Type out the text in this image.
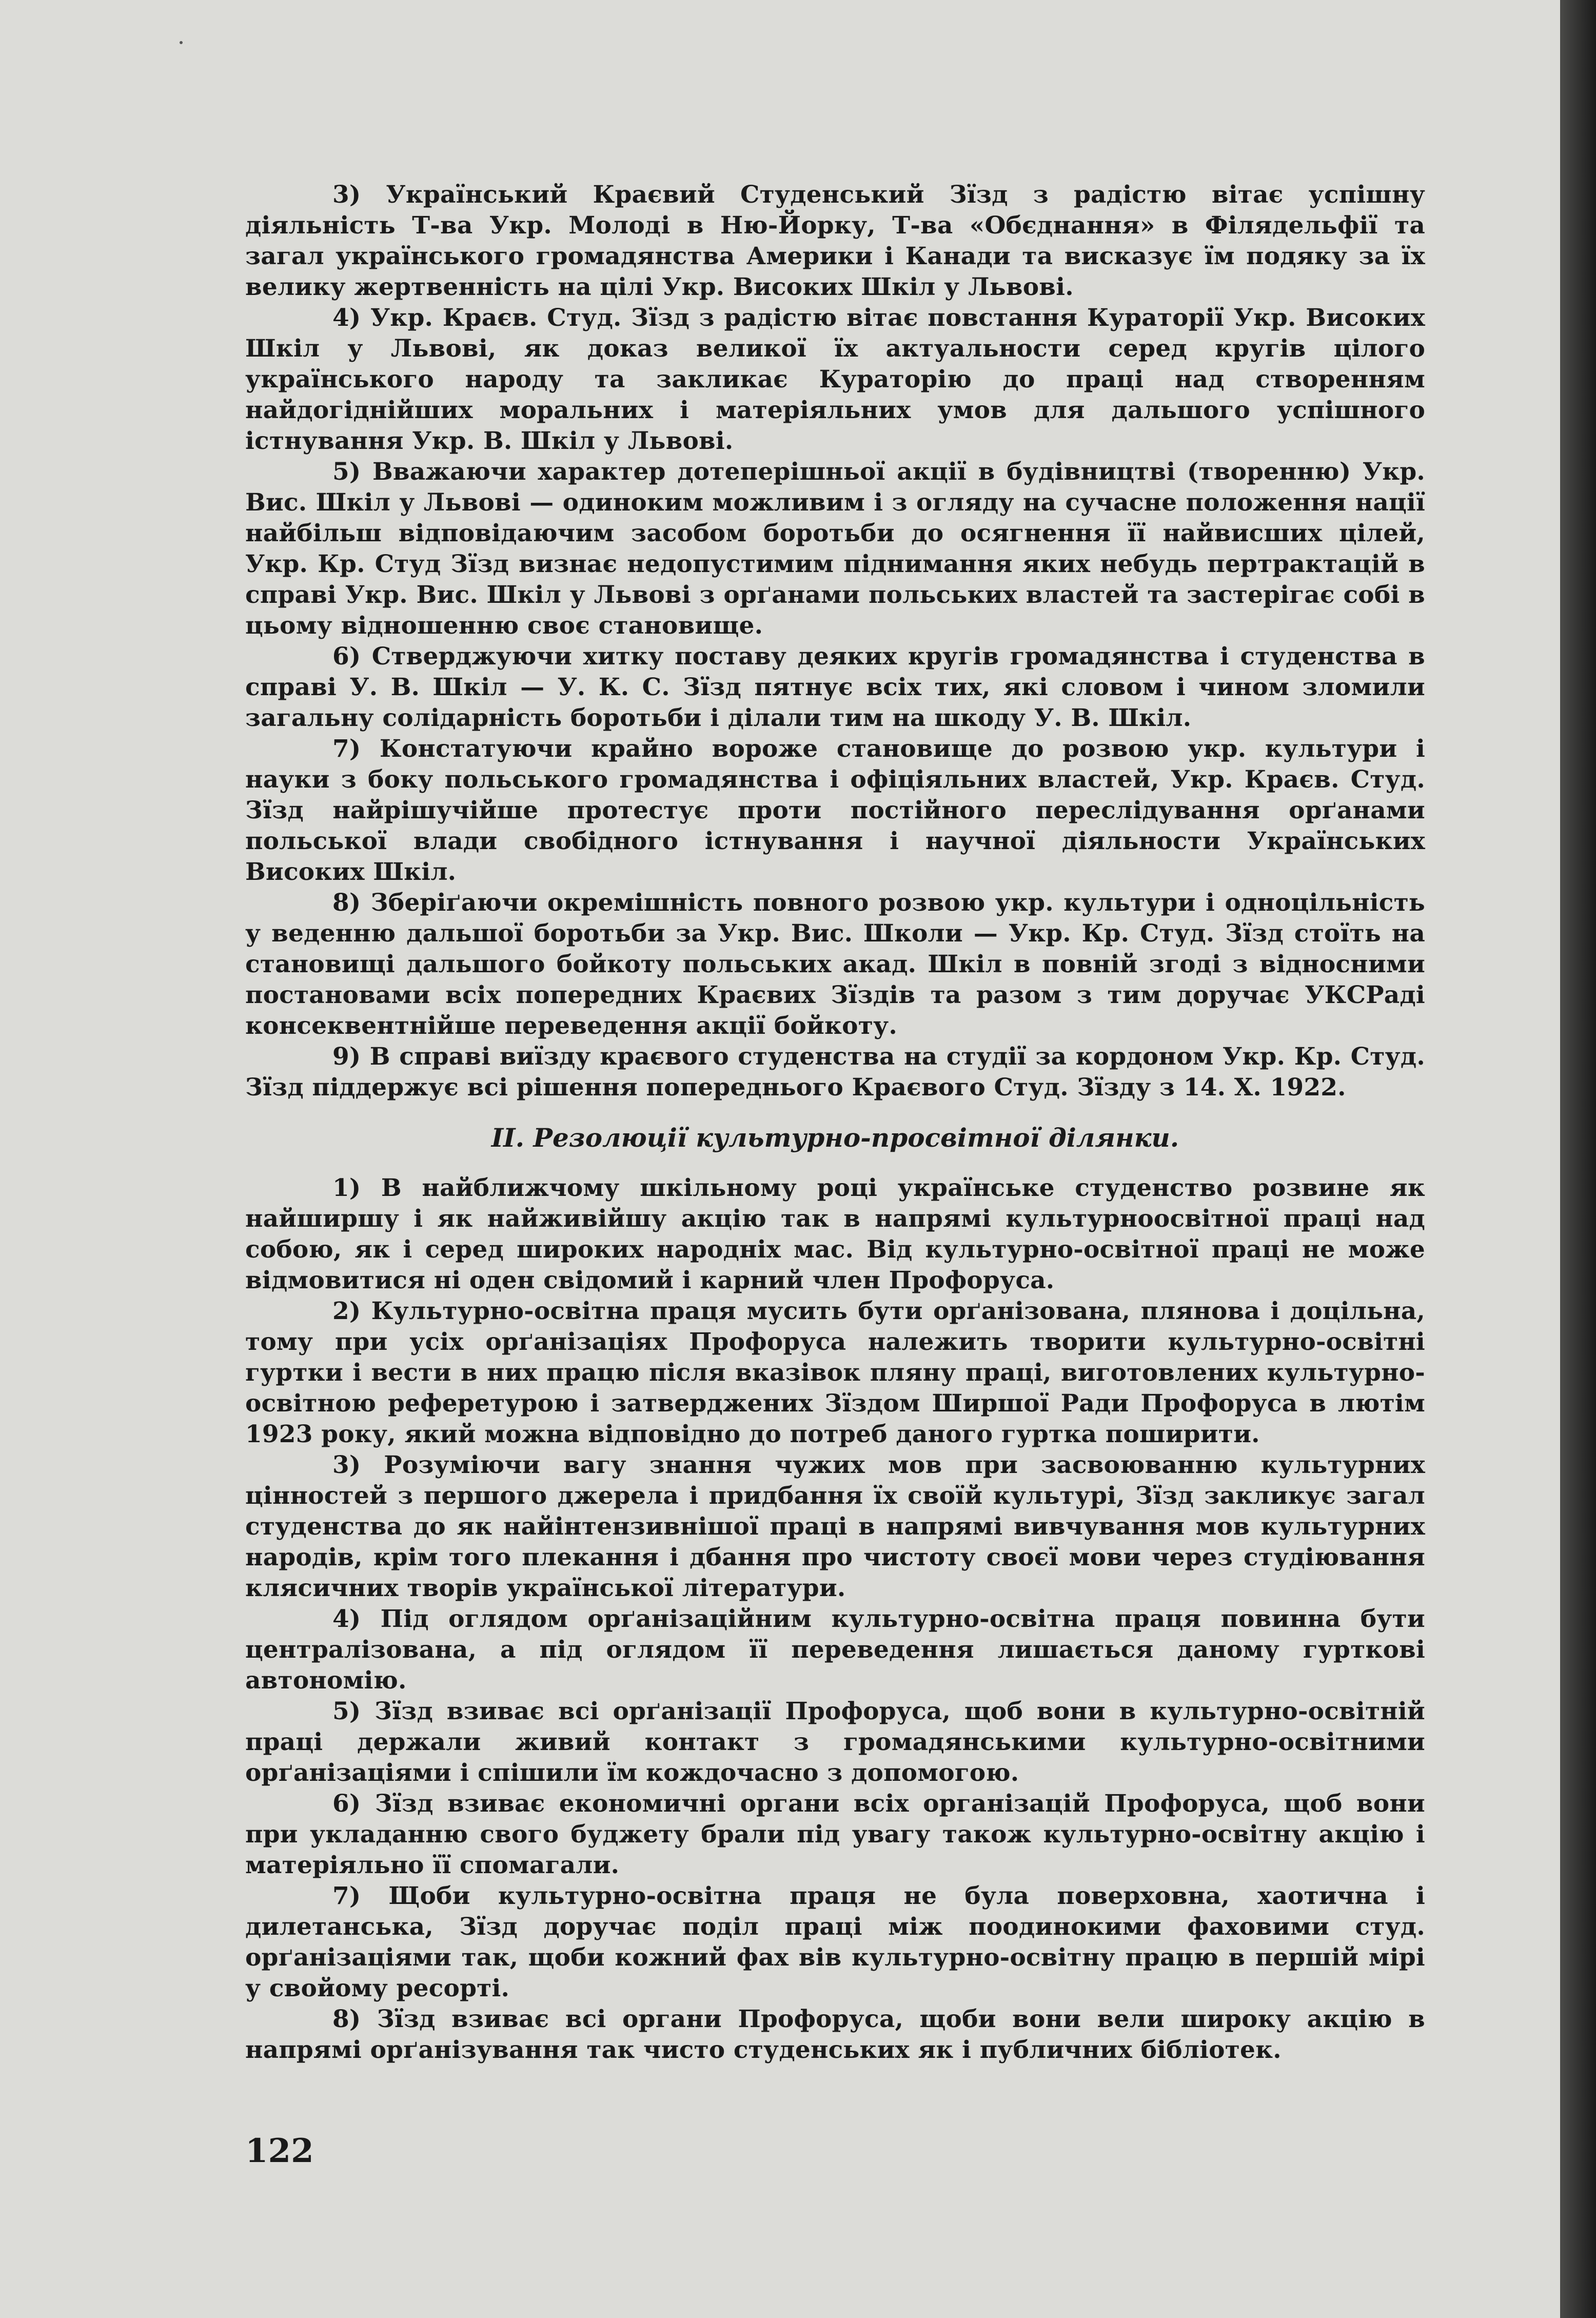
3) Український Краєвий Студенський Зїзд з радістю вітає успішну діяльність Т-ва Укр. Молоді в Ню-Йорку, Т-ва «Обєднання» в Філядельфії та загал українського громадянства Америки і Канади та висказує їм подяку за їх велику жертвенність на цілі Укр. Високих Шкіл у Львові.

4) Укр. Краєв. Студ. Зїзд з радістю вітає повстання Кураторії Укр. Високих Шкіл у Львові, як доказ великої їх актуальности серед кругів цілого українського народу та закликає Кураторію до праці над створенням найдогіднійших моральних і матеріяльних умов для дальшого успішного істнування Укр. В. Шкіл у Львові.

5) Вважаючи характер дотеперішньої акції в будівництві (творенню) Укр. Вис. Шкіл у Львові — одиноким можливим і з огляду на сучасне положення нації найбільш відповідаючим засобом боротьби до осягнення її найвисших цілей, Укр. Кр. Студ Зїзд визнає недопустимим піднимання яких небудь пертрактацій в справі Укр. Вис. Шкіл у Львові з орґанами польських властей та застерігає собі в цьому відношенню своє становище.

6) Стверджуючи хитку поставу деяких кругів громадянства і студенства в справі У. В. Шкіл — У. К. С. Зїзд пятнує всіх тих, які словом і чином зломили загальну солідарність боротьби і ділали тим на шкоду У. В. Шкіл.

7) Констатуючи крайно вороже становище до розвою укр. культури і науки з боку польського громадянства і офіціяльних властей, Укр. Краєв. Студ. Зїзд найрішучійше протестує проти постійного переслідування орґанами польської влади свобідного істнування і научної діяльности Українських Високих Шкіл.

8) Зберіґаючи окремішність повного розвою укр. культури і одноцільність у веденню дальшої боротьби за Укр. Вис. Школи — Укр. Кр. Студ. Зїзд стоїть на становищі дальшого бойкоту польських акад. Шкіл в повній згоді з відносними постановами всіх попередних Краєвих Зїздів та разом з тим доручає УКСРаді консеквентнійше переведення акції бойкоту.

9) В справі виїзду краєвого студенства на студії за кордоном Укр. Кр. Студ. Зїзд піддержує всі рішення попереднього Краєвого Студ. Зїзду з 14. X. 1922.

II. Резолюції культурно-просвітної ділянки.

1) В найближчому шкільному році українське студенство розвине як найширшу і як найживійшу акцію так в напрямі культурноосвітної праці над собою, як і серед широких народніх мас. Від культурно-освітної праці не може відмовитися ні оден свідомий і карний член Профоруса.

2) Культурно-освітна праця мусить бути орґанізована, плянова і доцільна, тому при усіх орґанізаціях Профоруса належить творити культурно-освітні гуртки і вести в них працю після вказівок пляну праці, виготовлених культурно-освітною реферетурою і затверджених Зїздом Ширшої Ради Профоруса в лютім 1923 року, який можна відповідно до потреб даного гуртка поширити.

3) Розуміючи вагу знання чужих мов при засвоюванню культурних цінностей з першого джерела і придбання їх своїй культурі, Зїзд закликує загал студенства до як найінтензивнішої праці в напрямі вивчування мов культурних народів, крім того плекання і дбання про чистоту своєї мови через студіювання клясичних творів української літератури.

4) Під оглядом орґанізаційним культурно-освітна праця повинна бути централізована, а під оглядом її переведення лишається даному гурткові автономію.

5) Зїзд взиває всі орґанізації Профоруса, щоб вони в культурно-освітній праці держали живий контакт з громадянськими культурно-освітними орґанізаціями і спішили їм кождочасно з допомогою.

6) Зїзд взиває економичні органи всіх організацій Профоруса, щоб вони при укладанню свого буджету брали під увагу також культурно-освітну акцію і матеріяльно її спомагали.

7) Щоби культурно-освітна праця не була поверховна, хаотична і дилетанська, Зїзд доручає поділ праці між поодинокими фаховими студ. орґанізаціями так, щоби кожний фах вів культурно-освітну працю в першій мірі у свойому ресорті.

8) Зїзд взиває всі органи Профоруса, щоби вони вели широку акцію в напрямі орґанізування так чисто студенських як і публичних бібліотек.

122
